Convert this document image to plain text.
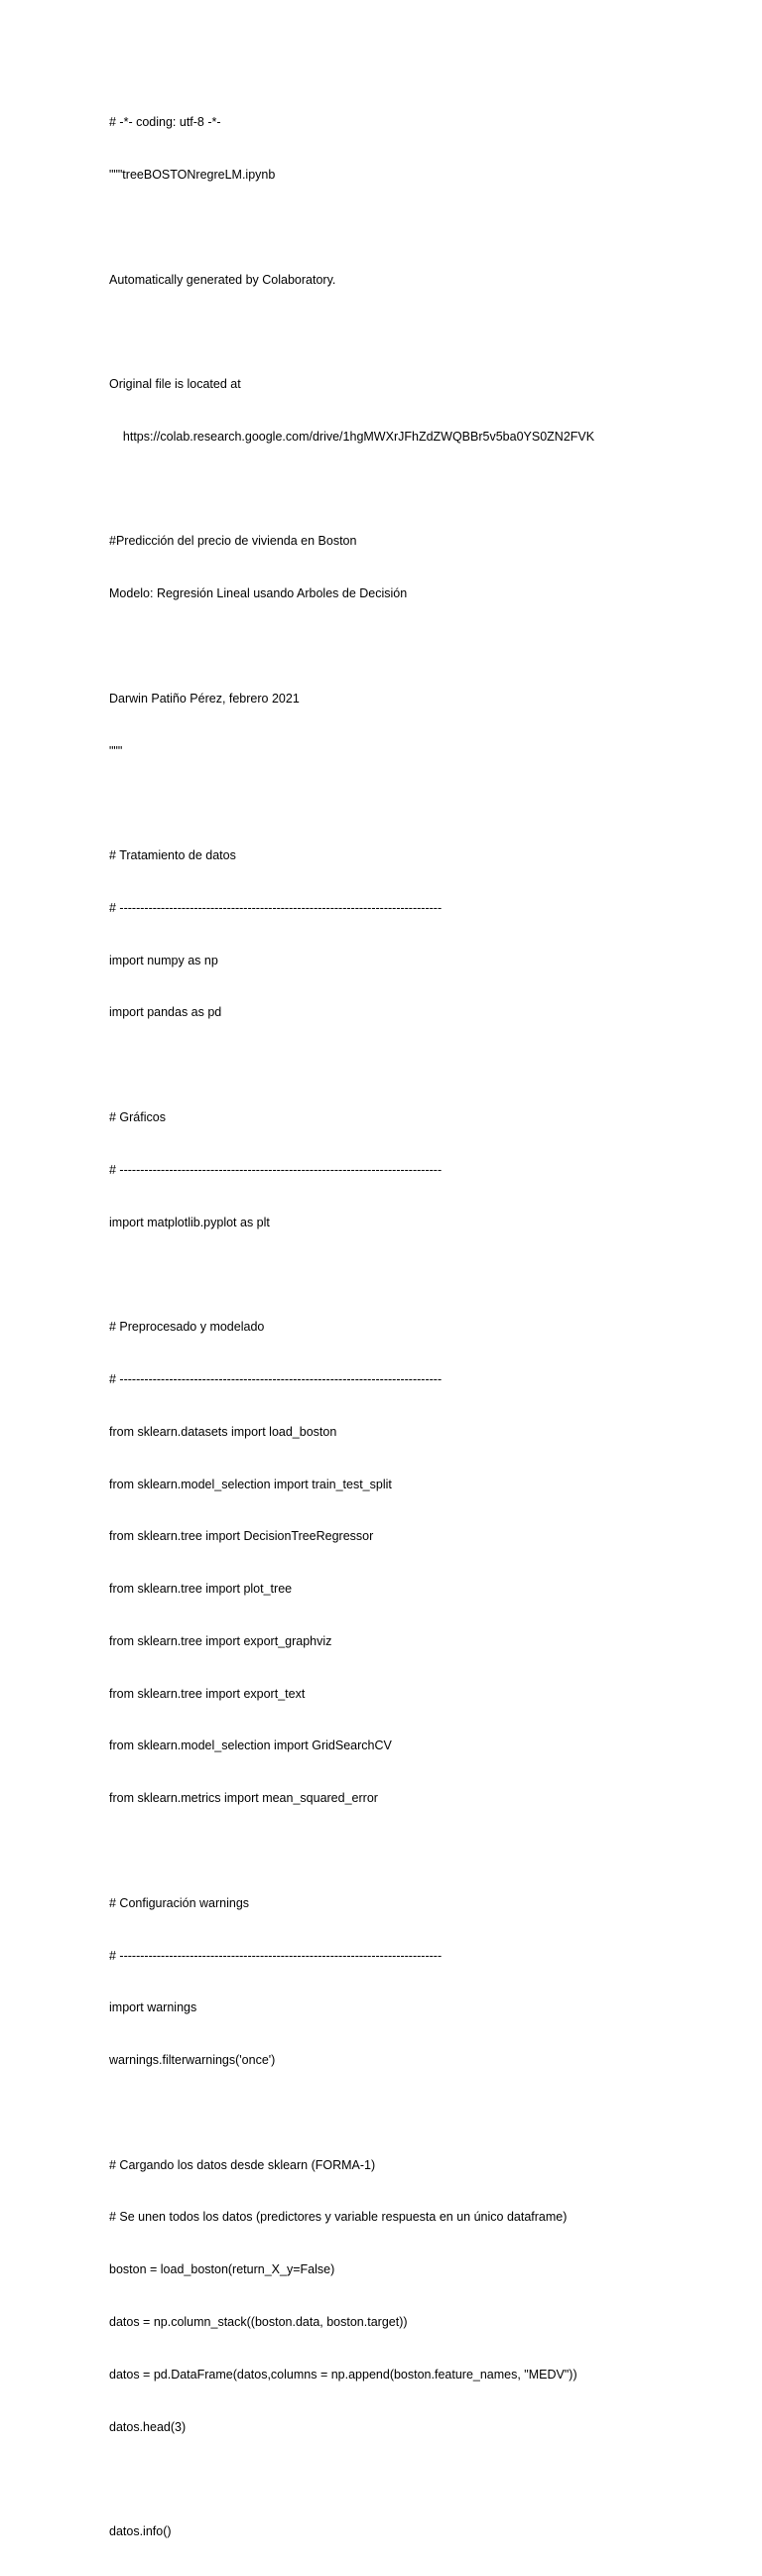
# -*- coding: utf-8 -*-

"""treeBOSTONregreLM.ipynb

Automatically generated by Colaboratory.

Original file is located at

https://colab.research.google.com/drive/1hgMWXrJFhZdZWQBBr5v5ba0YS0ZN2FVK

#Predicción del precio de vivienda en Boston

Modelo: Regresión Lineal usando Arboles de Decisión

Darwin Patiño Pérez, febrero 2021

"""

# Tratamiento de datos

# ------------------------------------------------------------------------------

import numpy as np

import pandas as pd

# Gráficos

# ------------------------------------------------------------------------------

import matplotlib.pyplot as plt

# Preprocesado y modelado

# ------------------------------------------------------------------------------

from sklearn.datasets import load_boston

from sklearn.model_selection import train_test_split

from sklearn.tree import DecisionTreeRegressor

from sklearn.tree import plot_tree

from sklearn.tree import export_graphviz

from sklearn.tree import export_text

from sklearn.model_selection import GridSearchCV

from sklearn.metrics import mean_squared_error

# Configuración warnings

# ------------------------------------------------------------------------------

import warnings

warnings.filterwarnings('once')

# Cargando los datos desde sklearn (FORMA-1)

# Se unen todos los datos (predictores y variable respuesta en un único dataframe)

boston = load_boston(return_X_y=False)

datos = np.column_stack((boston.data, boston.target))

datos = pd.DataFrame(datos,columns = np.append(boston.feature_names, "MEDV"))

datos.head(3)

datos.info()
